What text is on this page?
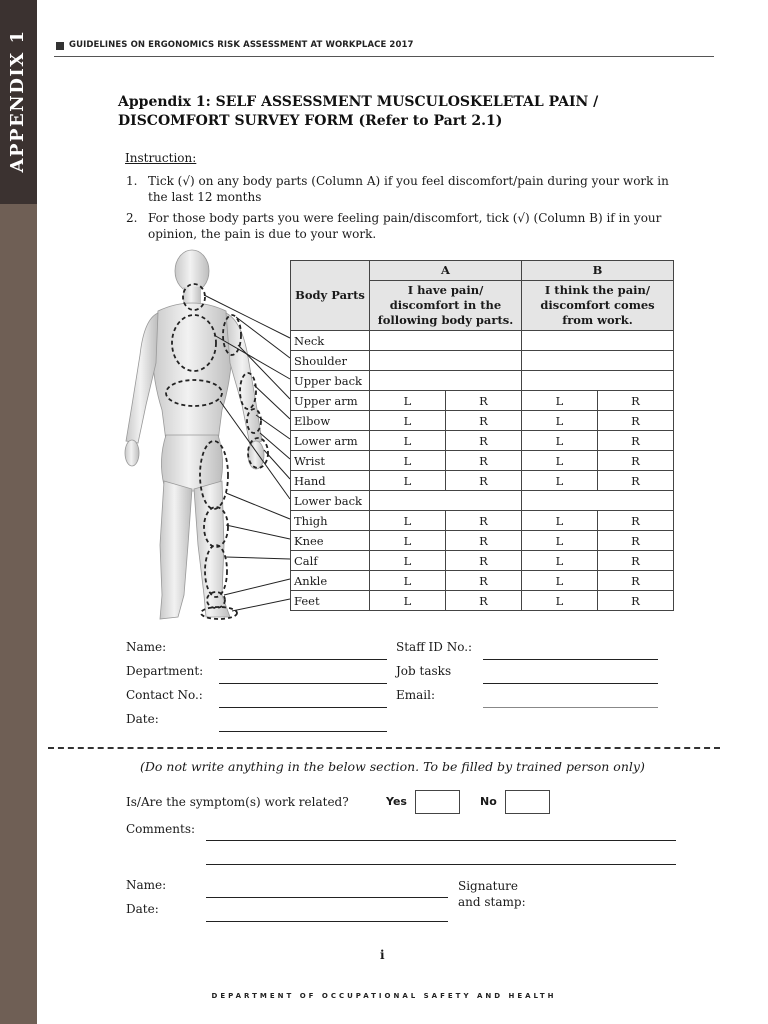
APPENDIX 1	GUIDELINES ON ERGONOMICS RISK ASSESSMENT AT WORKPLACE 2017
Appendix 1: SELF ASSESSMENT MUSCULOSKELETAL PAIN /
DISCOMFORT SURVEY FORM (Refer to Part 2.1)
Instruction:
1. Tick (√) on any body parts (Column A) if you feel discomfort/pain during your work in the last 12 months
2. For those body parts you were feeling pain/discomfort, tick (√) (Column B) if in your opinion, the pain is due to your work.
Body Parts	A		B	
	I have pain/ discomfort in the following body parts.		I think the pain/ discomfort comes from work.	
Neck				
Shoulder				
Upper back				
Upper arm	L	R	L	R
Elbow	L	R	L	R
Lower arm	L	R	L	R
Wrist	L	R	L	R
Hand	L	R	L	R
Lower back				
Thigh	L	R	L	R
Knee	L	R	L	R
Calf	L	R	L	R
Ankle	L	R	L	R
Feet	L	R	L	R
Name:
Department:
Contact No.:
Date:
Staff ID No.:
Job tasks
Email:
(Do not write anything in the below section. To be filled by trained person only)
Is/Are the symptom(s) work related?	Yes	No
Comments:
Name:
Date:
Signature
and stamp:
i
DEPARTMENT OF OCCUPATIONAL SAFETY AND HEALTH
